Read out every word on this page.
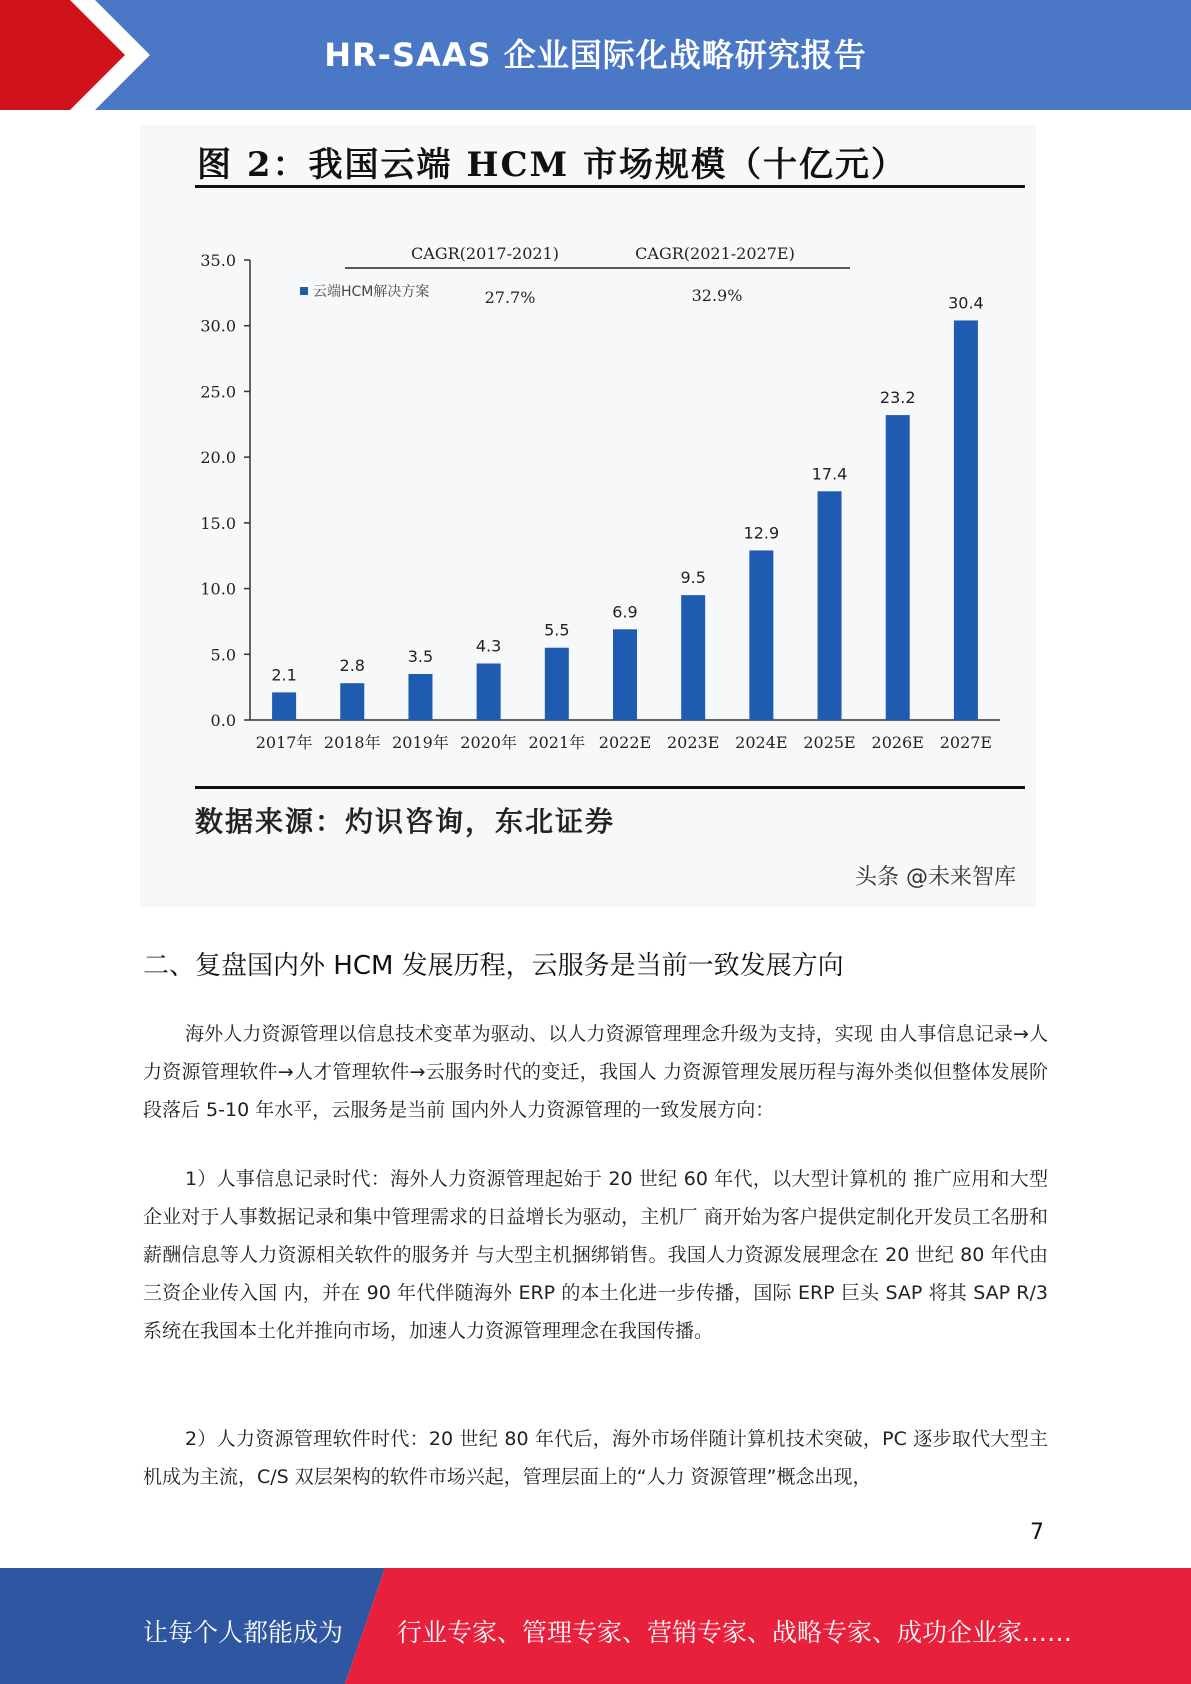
HR-SAAS 企业国际化战略研究报告
图 2：我国云端 HCM 市场规模（十亿元）
0.0
5.0
10.0
15.0
20.0
25.0
30.0
35.0
2.1
2017年
2.8
2018年
3.5
2019年
4.3
2020年
5.5
2021年
6.9
2022E
9.5
2023E
12.9
2024E
17.4
2025E
23.2
2026E
30.4
2027E
云端HCM解决方案
CAGR(2017-2021)	CAGR(2021-2027E)
27.7%	32.9%
数据来源：灼识咨询，东北证券
头条 @未来智库
二、复盘国内外 HCM 发展历程，云服务是当前一致发展方向
海外人力资源管理以信息技术变革为驱动、以人力资源管理理念升级为支持，实现 由人事信息记录→人力资源管理软件→人才管理软件→云服务时代的变迁，我国人 力资源管理发展历程与海外类似但整体发展阶段落后 5-10 年水平，云服务是当前 国内外人力资源管理的一致发展方向：
1）人事信息记录时代：海外人力资源管理起始于 20 世纪 60 年代，以大型计算机的 推广应用和大型企业对于人事数据记录和集中管理需求的日益增长为驱动，主机厂 商开始为客户提供定制化开发员工名册和薪酬信息等人力资源相关软件的服务并 与大型主机捆绑销售。我国人力资源发展理念在 20 世纪 80 年代由三资企业传入国 内，并在 90 年代伴随海外 ERP 的本土化进一步传播，国际 ERP 巨头 SAP 将其 SAP R/3 系统在我国本土化并推向市场，加速人力资源管理理念在我国传播。
2）人力资源管理软件时代：20 世纪 80 年代后，海外市场伴随计算机技术突破，PC 逐步取代大型主机成为主流，C/S 双层架构的软件市场兴起，管理层面上的“人力 资源管理”概念出现，
7
让每个人都能成为 行业专家、管理专家、营销专家、战略专家、成功企业家……
